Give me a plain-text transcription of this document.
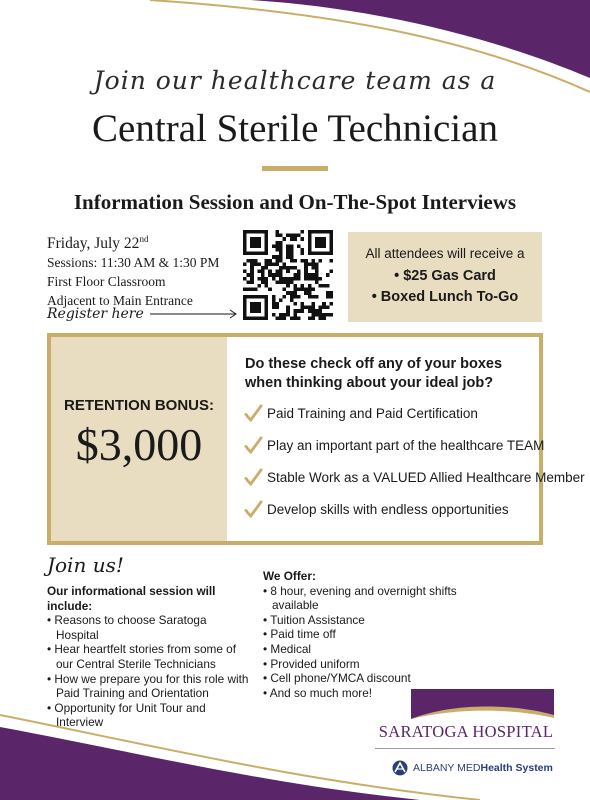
Join our healthcare team as a
Central Sterile Technician
Information Session and On-The-Spot Interviews
Friday, July 22nd
Sessions: 11:30 AM & 1:30 PM
First Floor Classroom
Adjacent to Main Entrance
Register here
All attendees will receive a
• $25 Gas Card
• Boxed Lunch To-Go
RETENTION BONUS:
$3,000
Do these check off any of your boxes when thinking about your ideal job?
Paid Training and Paid Certification
Play an important part of the healthcare TEAM
Stable Work as a VALUED Allied Healthcare Member
Develop skills with endless opportunities
Join us!
Our informational session will include:
• Reasons to choose Saratoga Hospital
• Hear heartfelt stories from some of our Central Sterile Technicians
• How we prepare you for this role with Paid Training and Orientation
• Opportunity for Unit Tour and Interview
We Offer:
• 8 hour, evening and overnight shifts available
• Tuition Assistance
• Paid time off
• Medical
• Provided uniform
• Cell phone/YMCA discount
• And so much more!
SARATOGA HOSPITAL
ALBANY MED Health System
